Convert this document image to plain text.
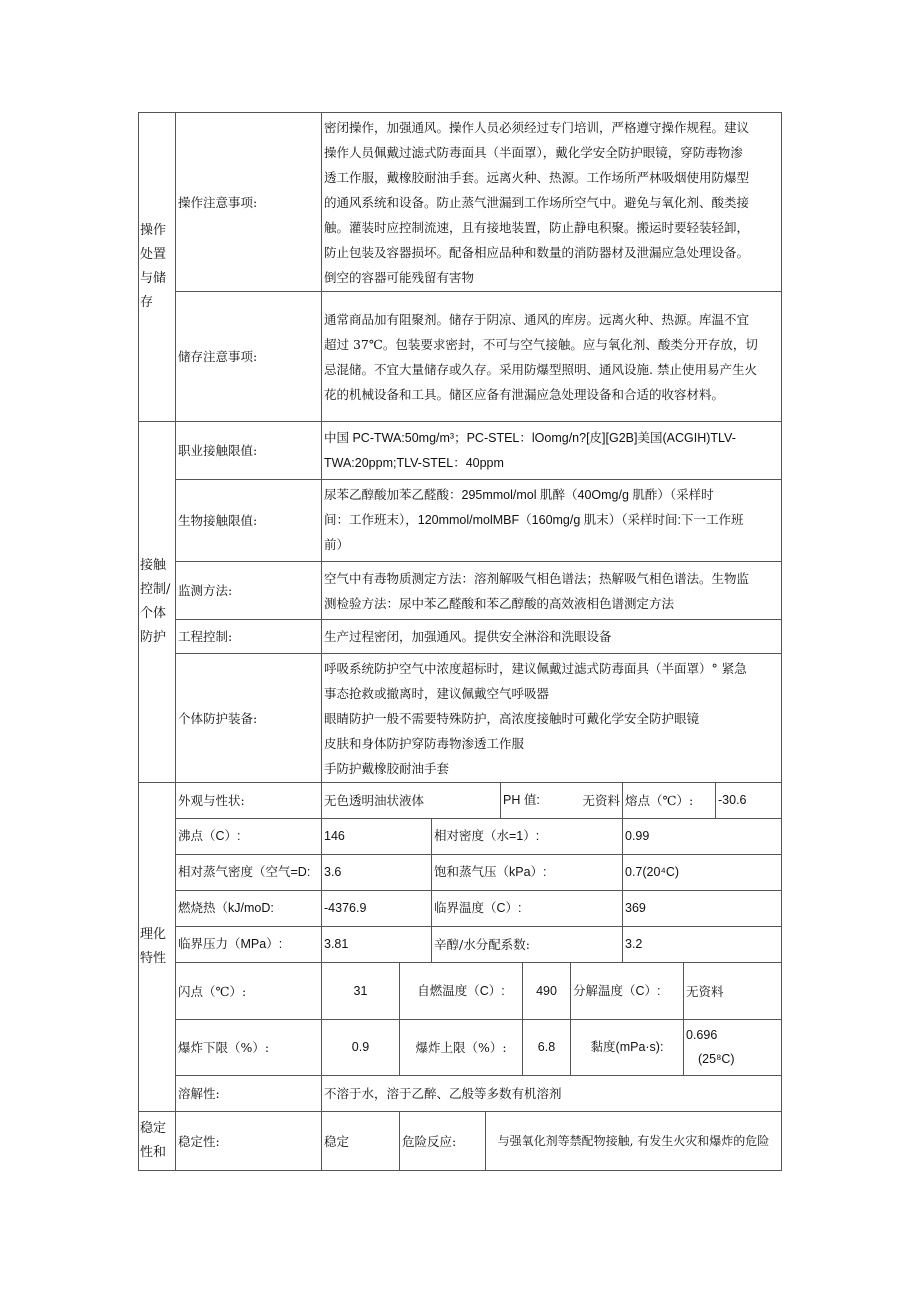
操作
处置
与储
存
操作注意事项:
密闭操作，加强通风。操作人员必须经过专门培训，严格遵守操作规程。建议
操作人员佩戴过滤式防毒面具（半面罩），戴化学安全防护眼镜，穿防毒物渗
透工作服，戴橡胶耐油手套。远离火种、热源。工作场所严林吸烟使用防爆型
的通风系统和设备。防止蒸气泄漏到工作场所空气中。避免与氧化剂、酸类接
触。灌装时应控制流速，且有接地装置，防止静电积聚。搬运时要轻装轻卸，
防止包装及容器损坏。配备相应品种和数量的消防器材及泄漏应急处理设备。
倒空的容器可能残留有害物
储存注意事项:
通常商品加有阻聚剂。储存于阴凉、通风的库房。远离火种、热源。库温不宜
超过 37℃。包装要求密封，不可与空气接触。应与氧化剂、酸类分开存放，切
忌混储。不宜大量储存或久存。采用防爆型照明、通风设施. 禁止使用易产生火
花的机械设备和工具。储区应备有泄漏应急处理设备和合适的收容材料。
接触
控制/
个体
防护
职业接触限值:
中国 PC-TWA:50mg/m³；PC-STEL：lOomg/n?[皮][G2B]美国(ACGIH)TLV-
TWA:20ppm;TLV-STEL：40ppm
生物接触限值:
尿苯乙醇酸加苯乙醛酸：295mmol/mol 肌醉（40Omg/g 肌酢）（采样时
间：工作班末），120mmol/molMBF（160mg/g 肌末）（采样时间:下一工作班
前）
监测方法:
空气中有毒物质测定方法：溶剂解吸气相色谱法；热解吸气相色谱法。生物监
测检验方法：尿中苯乙醛酸和苯乙醇酸的高效液相色谱测定方法
工程控制:	生产过程密闭，加强通风。提供安全淋浴和洗眼设备
个体防护装备:
呼吸系统防护空气中浓度超标时，建议佩戴过滤式防毒面具（半面罩）° 紧急
事态抢救或撤离时，建议佩戴空气呼吸器
眼睛防护一般不需要特殊防护，高浓度接触时可戴化学安全防护眼镜
皮肤和身体防护穿防毒物渗透工作服
手防护戴橡胶耐油手套
理化
特性
外观与性状:	无色透明油状液体	PH 值:	无资料 熔点（℃）: -30.6
沸点（C）:	146	相对密度（水=1）:	0.99
相对蒸气密度（空气=D: 3.6	饱和蒸气压（kPa）:	0.7(20⁴C)
燃烧热（kJ/moD:	-4376.9	临界温度（C）:	369
临界压力（MPa）:	3.81	辛醇/水分配系数:	3.2
闪点（℃）:	31	自燃温度（C）:	490 分解温度（C）: 无资料
爆炸下限（%）:	0.9	爆炸上限（%）:	6.8	黏度(mPa·s):
0.696
(25⁸C)
溶解性:	不溶于水，溶于乙醉、乙般等多数有机溶剂
稳定
性和
稳定性:	稳定	危险反应:	与强氧化剂等禁配物接触, 有发生火灾和爆炸的危险
